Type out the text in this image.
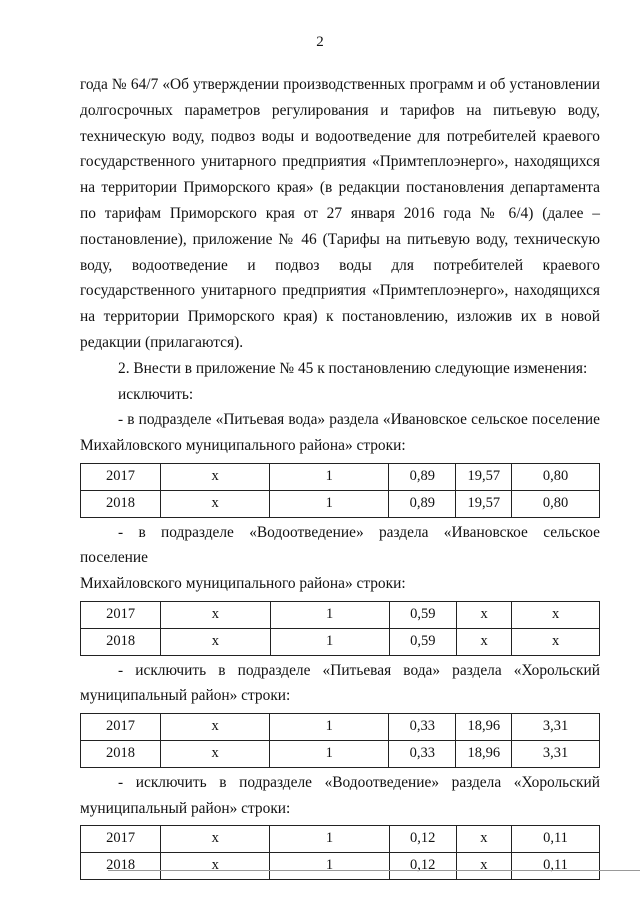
2

года № 64/7 «Об утверждении производственных программ и об установлении долгосрочных параметров регулирования и тарифов на питьевую воду, техническую воду, подвоз воды и водоотведение для потребителей краевого государственного унитарного предприятия «Примтеплоэнерго», находящихся на территории Приморского края» (в редакции постановления департамента по тарифам Приморского края от 27 января 2016 года № 6/4) (далее – постановление), приложение № 46 (Тарифы на питьевую воду, техническую воду, водоотведение и подвоз воды для потребителей краевого государственного унитарного предприятия «Примтеплоэнерго», находящихся на территории Приморского края) к постановлению, изложив их в новой редакции (прилагаются).

2. Внести в приложение № 45 к постановлению следующие изменения:

исключить:

- в подразделе «Питьевая вода» раздела «Ивановское сельское поселение

Михайловского муниципального района» строки:

2017	х	1	0,89	19,57	0,80
2018	х	1	0,89	19,57	0,80

- в подразделе «Водоотведение» раздела «Ивановское сельское поселение

Михайловского муниципального района» строки:

2017	х	1	0,59	х	х
2018	х	1	0,59	х	х

- исключить в подразделе «Питьевая вода» раздела «Хорольский

муниципальный район» строки:

2017	х	1	0,33	18,96	3,31
2018	х	1	0,33	18,96	3,31

- исключить в подразделе «Водоотведение» раздела «Хорольский

муниципальный район» строки:

2017	х	1	0,12	х	0,11
2018	х	1	0,12	х	0,11
